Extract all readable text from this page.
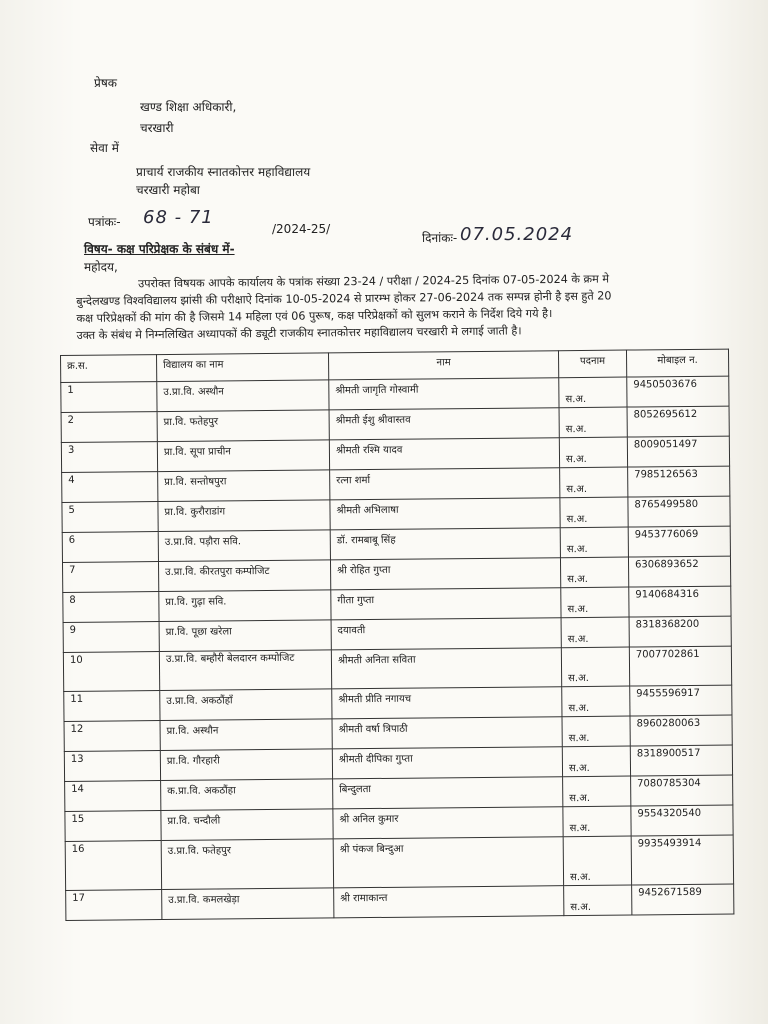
प्रेषक
खण्ड शिक्षा अधिकारी,
चरखारी
सेवा में
प्राचार्य राजकीय स्नातकोत्तर महाविद्यालय
चरखारी महोबा
पत्रांकः- 68 - 71
/2024-25/
दिनांकः- 07.05.2024
विषय- कक्ष परिप्रेक्षक के संबंध में-
महोदय,
उपरोक्त विषयक आपके कार्यालय के पत्रांक संख्या 23-24 / परीक्षा / 2024-25 दिनांक 07-05-2024 के क्रम मे
बुन्देलखण्ड विश्वविद्यालय झांसी की परीक्षाऐ दिनांक 10-05-2024 से प्रारम्भ होकर 27-06-2024 तक सम्पन्न होनी है इस हुते 20
कक्ष परिप्रेक्षकों की मांग की है जिसमे 14 महिला एवं 06 पुरूष, कक्ष परिप्रेक्षकों को सुलभ कराने के निर्देश दिये गये है।
उक्त के संबंध मे निम्नलिखित अध्यापकों की ड्यूटी राजकीय स्नातकोत्तर महाविद्यालय चरखारी मे लगाई जाती है।
क्र.स.	विद्यालय का नाम	नाम	पदनाम	मोबाइल न.
1	उ.प्रा.वि. अस्थौन	श्रीमती जागृति गोस्वामी	स.अ.	9450503676
2	प्रा.वि. फतेहपुर	श्रीमती ईशु श्रीवास्तव	स.अ.	8052695612
3	प्रा.वि. सूपा प्राचीन	श्रीमती रश्मि यादव	स.अ.	8009051497
4	प्रा.वि. सन्तोषपुरा	रत्ना शर्मा	स.अ.	7985126563
5	प्रा.वि. कुरौराडांग	श्रीमती अभिलाषा	स.अ.	8765499580
6	उ.प्रा.वि. पड़ौरा सवि.	डॉ. रामबाबू सिंह	स.अ.	9453776069
7	उ.प्रा.वि. कीरतपुरा कम्पोजिट	श्री रोहित गुप्ता	स.अ.	6306893652
8	प्रा.वि. गुढ़ा सवि.	गीता गुप्ता	स.अ.	9140684316
9	प्रा.वि. पूछा खरेला	दयावती	स.अ.	8318368200
10	उ.प्रा.वि. बम्हौरी बेलदारन कम्पोजिट	श्रीमती अनिता सविता	स.अ.	7007702861
11	उ.प्रा.वि. अकठौंहाँ	श्रीमती प्रीति नगायच	स.अ.	9455596917
12	प्रा.वि. अस्थौन	श्रीमती वर्षा त्रिपाठी	स.अ.	8960280063
13	प्रा.वि. गौरहारी	श्रीमती दीपिका गुप्ता	स.अ.	8318900517
14	क.प्रा.वि. अकठौंहा	बिन्दुलता	स.अ.	7080785304
15	प्रा.वि. चन्दौली	श्री अनिल कुमार	स.अ.	9554320540
16	उ.प्रा.वि. फतेहपुर	श्री पंकज बिन्दुआ	स.अ.	9935493914
17	उ.प्रा.वि. कमलखेड़ा	श्री रामाकान्त	स.अ.	9452671589
